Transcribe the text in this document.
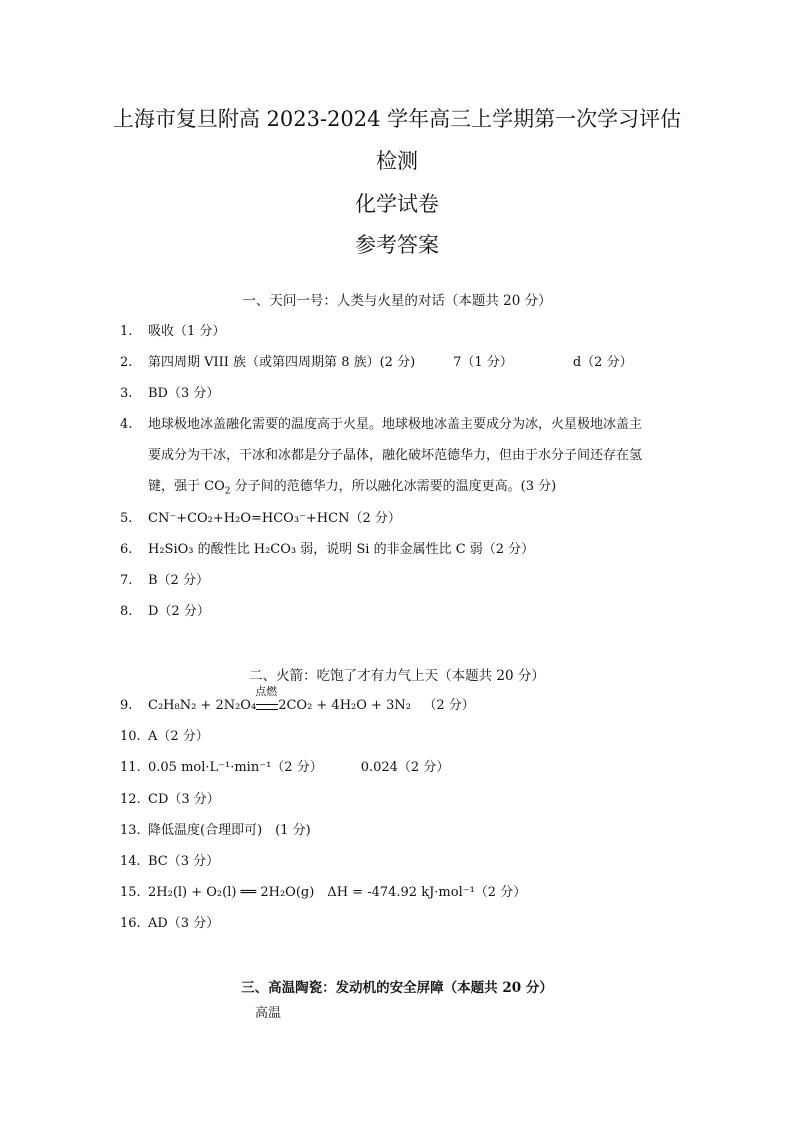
上海市复旦附高 2023-2024 学年高三上学期第一次学习评估
检测
化学试卷
参考答案
一、天问一号：人类与火星的对话（本题共 20 分）
1. 吸收（1 分）
2. 第四周期 VIII 族（或第四周期第 8 族）(2 分)	7（1 分）	d（2 分）
3. BD（3 分）
4. 地球极地冰盖融化需要的温度高于火星。地球极地冰盖主要成分为冰，火星极地冰盖主
要成分为干冰，干冰和冰都是分子晶体，融化破坏范德华力，但由于水分子间还存在氢
键，强于 $CO_2$ 分子间的范德华力，所以融化冰需要的温度更高。(3 分)
5. CN⁻+CO₂+H₂O=HCO₃⁻+HCN（2 分）
6. H₂SiO₃ 的酸性比 H₂CO₃ 弱，说明 Si 的非金属性比 C 弱（2 分）
7. B（2 分）
8. D（2 分）
二、火箭：吃饱了才有力气上天（本题共 20 分）
9. C₂H₈N₂ + 2N₂O₄
点燃
2CO₂ + 4H₂O + 3N₂ （2 分）
10. A（2 分）
11. 0.05 mol·L⁻¹·min⁻¹（2 分）	0.024（2 分）
12. CD（3 分）
13. 降低温度(合理即可)　(1 分)
14. BC（3 分）
15. 2H₂(l) + O₂(l) ══ 2H₂O(g)　ΔH = -474.92 kJ·mol⁻¹（2 分）
16. AD（3 分）
三、高温陶瓷：发动机的安全屏障（本题共 20 分）
高温
